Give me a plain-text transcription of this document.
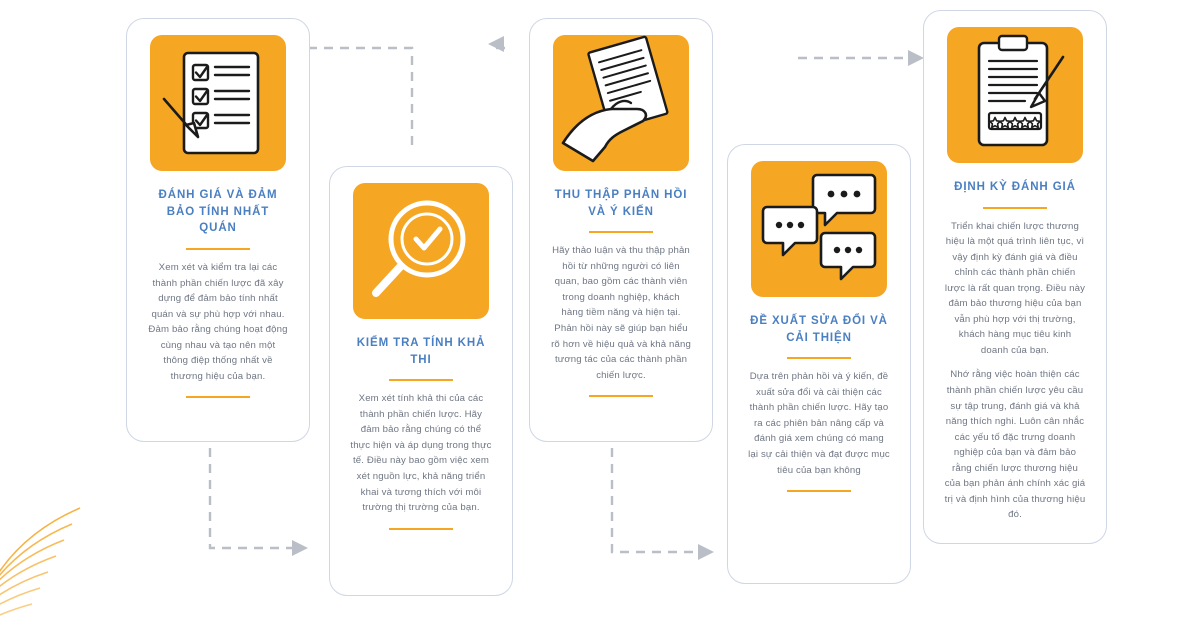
ĐÁNH GIÁ VÀ ĐẢM BẢO TÍNH NHẤT QUÁN

Xem xét và kiểm tra lại các thành phần chiến lược đã xây dựng để đảm bảo tính nhất quán và sự phù hợp với nhau. Đảm bảo rằng chúng hoạt động cùng nhau và tạo nên một thông điệp thống nhất về thương hiệu của bạn.

KIỂM TRA TÍNH KHẢ THI

Xem xét tính khả thi của các thành phần chiến lược. Hãy đảm bảo rằng chúng có thể thực hiện và áp dụng trong thực tế. Điều này bao gồm việc xem xét nguồn lực, khả năng triển khai và tương thích với môi trường thị trường của bạn.

THU THẬP PHẢN HỒI VÀ Ý KIẾN

Hãy thảo luận và thu thập phản hồi từ những người có liên quan, bao gồm các thành viên trong doanh nghiệp, khách hàng tiềm năng và hiện tại. Phản hồi này sẽ giúp bạn hiểu rõ hơn về hiệu quả và khả năng tương tác của các thành phần chiến lược.

ĐỀ XUẤT SỬA ĐỔI VÀ CẢI THIỆN

Dựa trên phản hồi và ý kiến, đề xuất sửa đổi và cải thiện các thành phần chiến lược. Hãy tạo ra các phiên bản nâng cấp và đánh giá xem chúng có mang lại sự cải thiện và đạt được mục tiêu của bạn không

ĐỊNH KỲ ĐÁNH GIÁ

Triển khai chiến lược thương hiệu là một quá trình liên tục, vì vậy định kỳ đánh giá và điều chỉnh các thành phần chiến lược là rất quan trọng. Điều này đảm bảo thương hiệu của bạn vẫn phù hợp với thị trường, khách hàng mục tiêu kinh doanh của bạn.

Nhớ rằng việc hoàn thiện các thành phần chiến lược yêu cầu sự tập trung, đánh giá và khả năng thích nghi. Luôn cân nhắc các yếu tố đặc trưng doanh nghiệp của bạn và đảm bảo rằng chiến lược thương hiệu của bạn phản ánh chính xác giá trị và định hình của thương hiệu đó.
